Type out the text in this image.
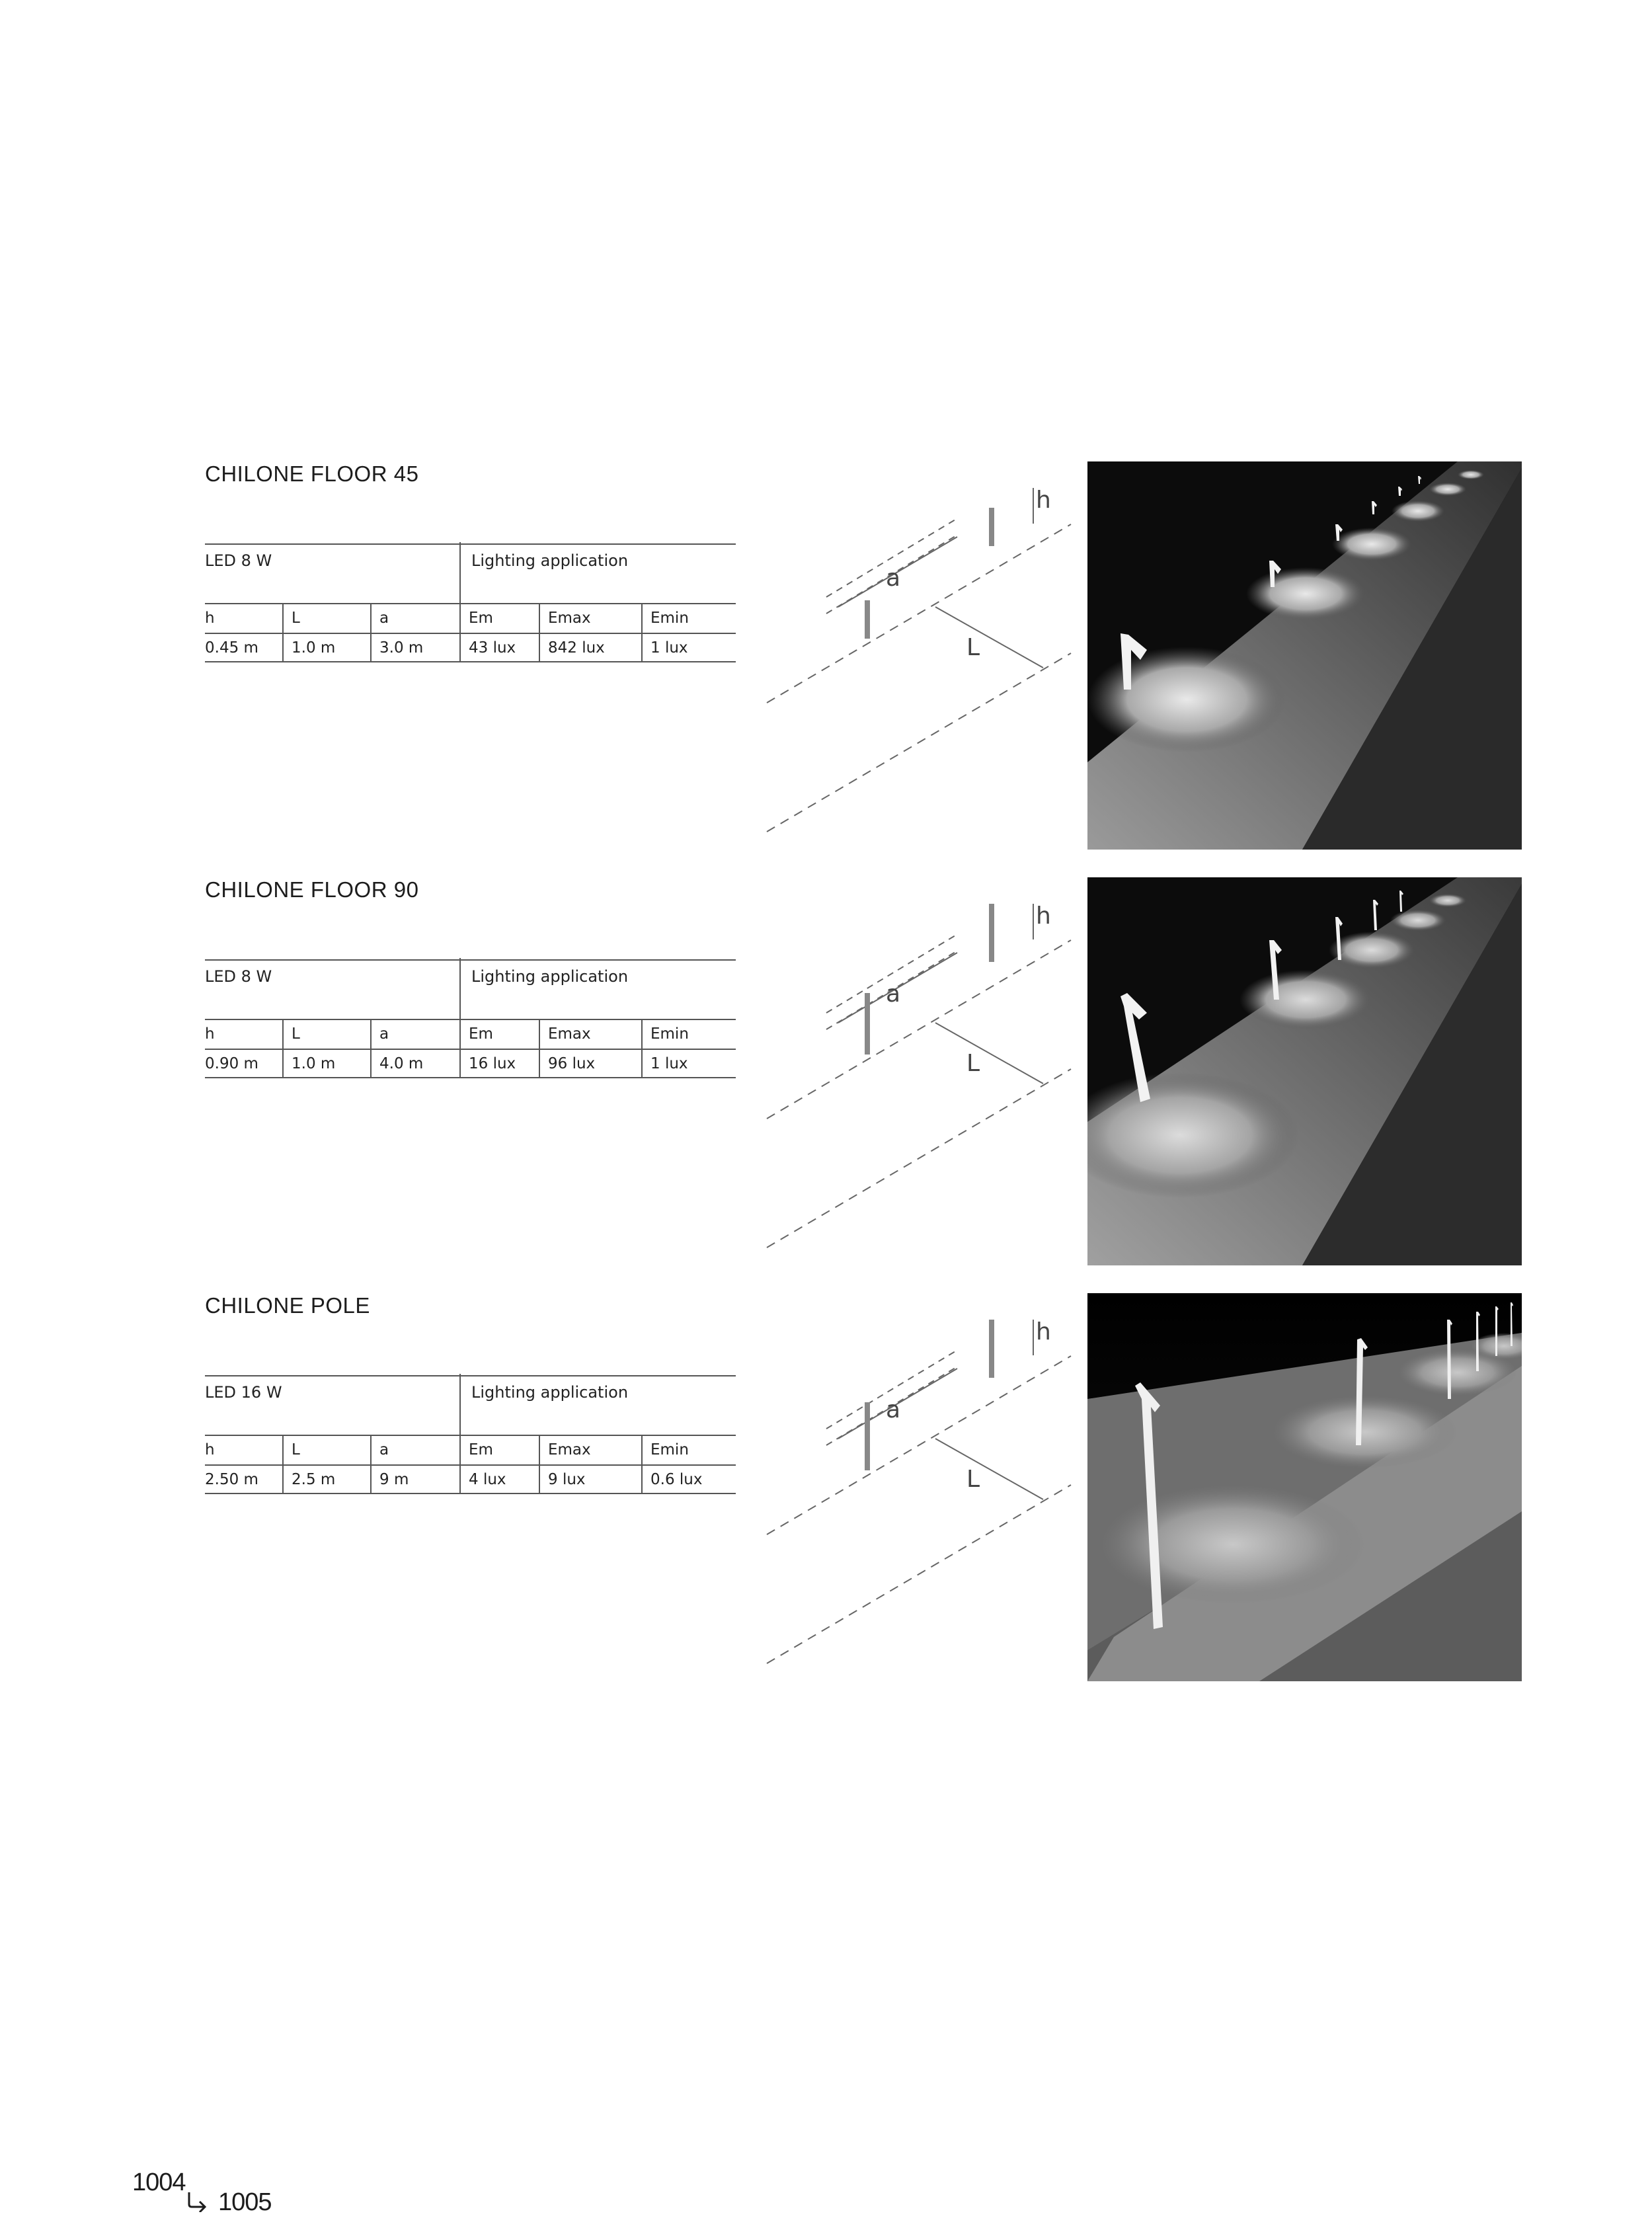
CHILONE FLOOR 45
LED 8 W	Lighting application
h	L	a	Em	Emax	Emin
0.45 m	1.0 m	3.0 m	43 lux	842 lux	1 lux
a
h
L
CHILONE FLOOR 90
LED 8 W	Lighting application
h	L	a	Em	Emax	Emin
0.90 m	1.0 m	4.0 m	16 lux	96 lux	1 lux
a
h
L
CHILONE POLE
LED 16 W	Lighting application
h	L	a	Em	Emax	Emin
2.50 m	2.5 m	9 m	4 lux	9 lux	0.6 lux
a
h
L
1004
1005
